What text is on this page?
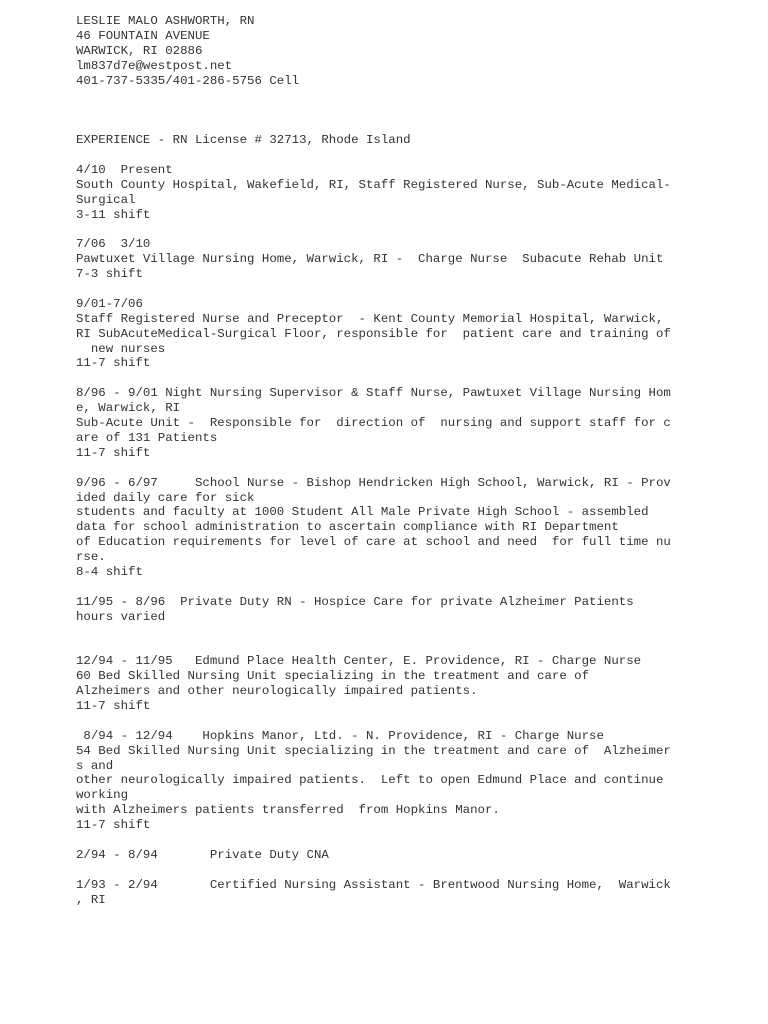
LESLIE MALO ASHWORTH, RN
46 FOUNTAIN AVENUE
WARWICK, RI 02886
lm837d7e@westpost.net
401-737-5335/401-286-5756 Cell
EXPERIENCE - RN License # 32713, Rhode Island
4/10  Present
South County Hospital, Wakefield, RI, Staff Registered Nurse, Sub-Acute Medical-
Surgical
3-11 shift
7/06  3/10
Pawtuxet Village Nursing Home, Warwick, RI -  Charge Nurse  Subacute Rehab Unit
7-3 shift
9/01-7/06
Staff Registered Nurse and Preceptor  - Kent County Memorial Hospital, Warwick,
RI SubAcuteMedical-Surgical Floor, responsible for  patient care and training of
new nurses
11-7 shift
8/96 - 9/01 Night Nursing Supervisor & Staff Nurse, Pawtuxet Village Nursing Hom
e, Warwick, RI
Sub-Acute Unit -  Responsible for  direction of  nursing and support staff for c
are of 131 Patients
11-7 shift
9/96 - 6/97     School Nurse - Bishop Hendricken High School, Warwick, RI - Prov
ided daily care for sick
students and faculty at 1000 Student All Male Private High School - assembled
data for school administration to ascertain compliance with RI Department
of Education requirements for level of care at school and need  for full time nu
rse.
8-4 shift
11/95 - 8/96  Private Duty RN - Hospice Care for private Alzheimer Patients
hours varied
12/94 - 11/95   Edmund Place Health Center, E. Providence, RI - Charge Nurse
60 Bed Skilled Nursing Unit specializing in the treatment and care of
Alzheimers and other neurologically impaired patients.
11-7 shift
8/94 - 12/94    Hopkins Manor, Ltd. - N. Providence, RI - Charge Nurse
54 Bed Skilled Nursing Unit specializing in the treatment and care of  Alzheimer
s and
other neurologically impaired patients.  Left to open Edmund Place and continue
working
with Alzheimers patients transferred  from Hopkins Manor.
11-7 shift
2/94 - 8/94       Private Duty CNA
1/93 - 2/94       Certified Nursing Assistant - Brentwood Nursing Home,  Warwick
, RI
